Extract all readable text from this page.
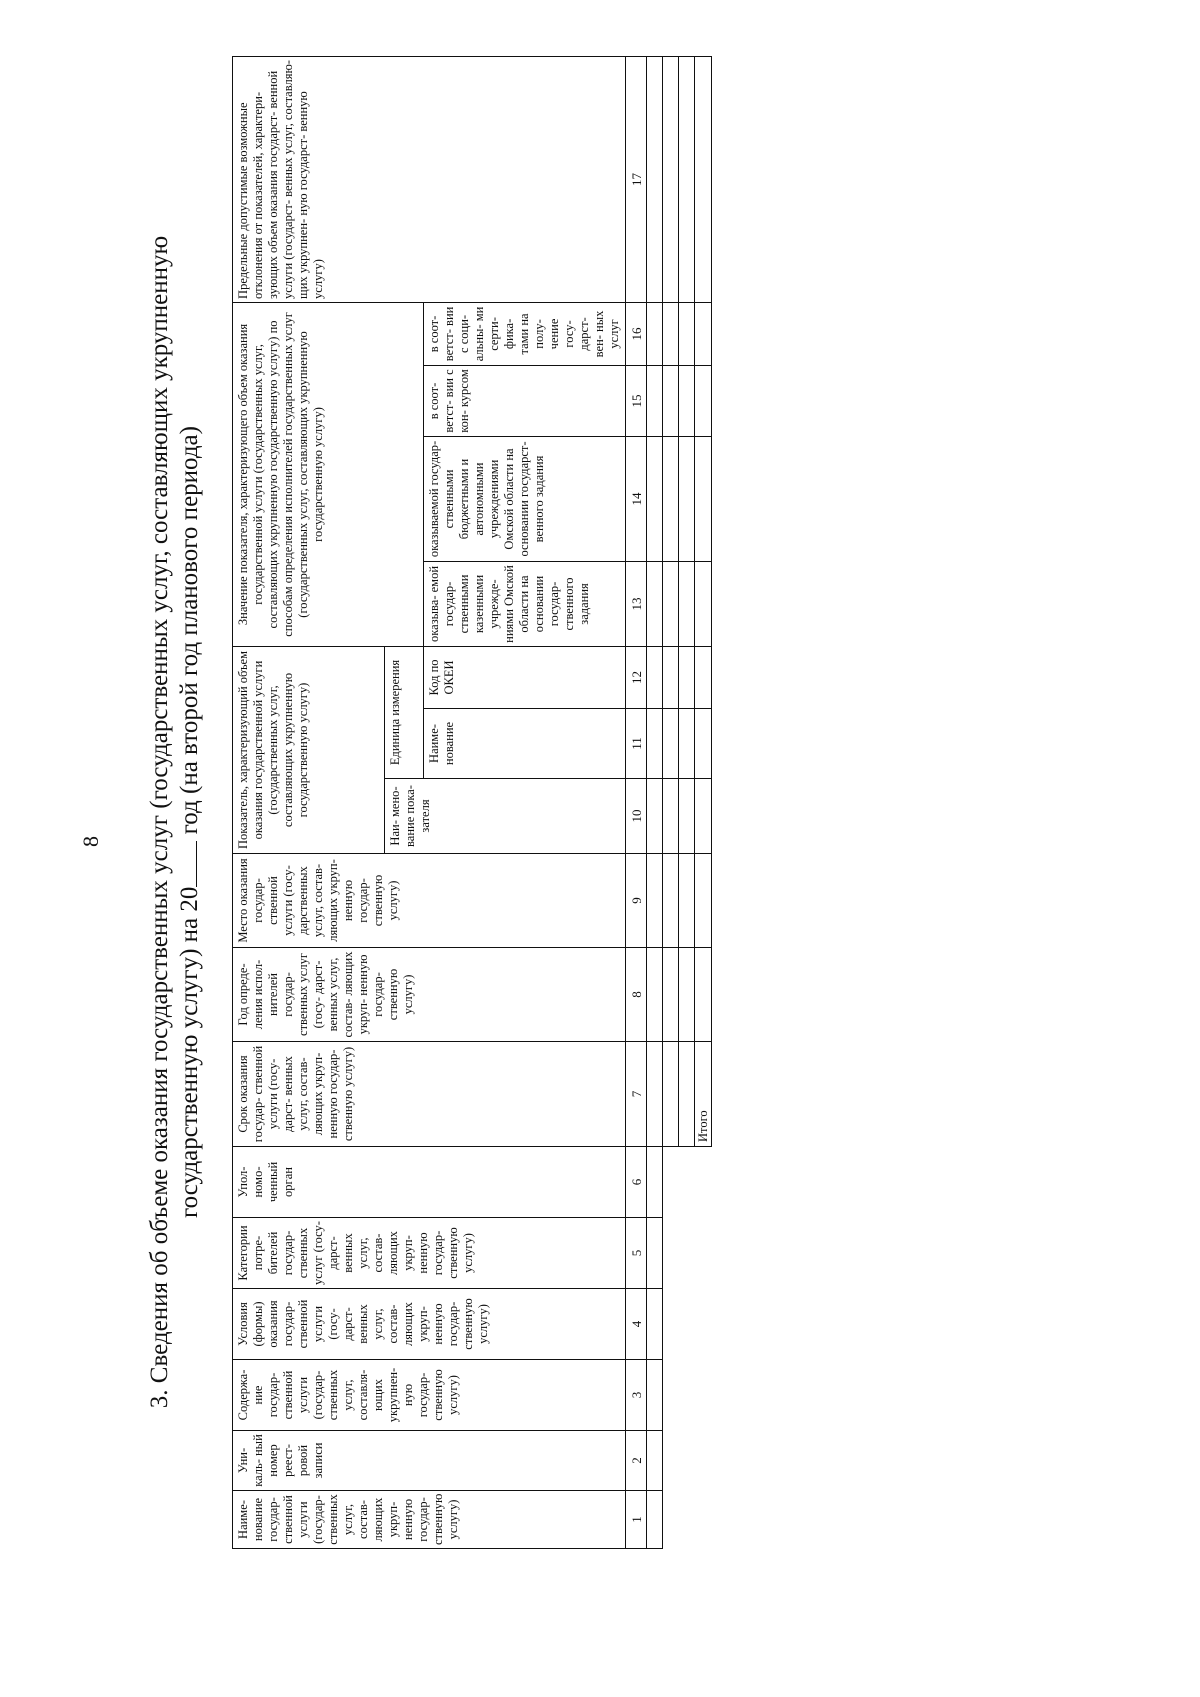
8 3. Сведения об объеме оказания государственных услуг (государственных услуг, составляющих укрупненную государственную услугу) на 20 год (на второй год планового периода)
Наиме- нование государ- ственной услуги (государ- ственных услуг, состав- ляющих укруп- ненную государ- ственную услугу)	Уни- каль- ный номер реест- ровой записи	Содержа- ние государ- ственной услуги (государ- ственных услуг, составля- ющих укрупнен- ную государ- ственную услугу)	Условия (формы) оказания государ- ственной услуги (госу- дарст- венных услуг, состав- ляющих укруп- ненную государ- ственную услугу)	Категории потре- бителей государ- ственных услуг (госу- дарст- венных услуг, состав- ляющих укруп- ненную государ- ственную услугу)	Упол- номо- ченный орган	Срок оказания государ- ственной услуги (госу- дарст- венных услуг, состав- ляющих укруп- ненную государ- ственную услугу)	Год опреде- ления испол- нителей государ- ственных услуг (госу- дарст- венных услуг, состав- ляющих укруп- ненную государ- ственную услугу)	Место оказания государ- ственной услуги (госу- дарственных услуг, состав- ляющих укруп- ненную государ- ственную услугу)	Показатель, характеризующий объем оказания государственной услуги (государственных услуг, составляющих укрупненную государственную услугу)			Значение показателя, характеризующего объем оказания государственной услуги (государственных услуг, составляющих укрупненную государственную услугу) по способам определения исполнителей государственных услуг (государственных услуг, составляющих укрупненную государственную услугу)				Предельные допустимые возможные отклонения от показателей, характери- зующих объем оказания государст- венной услуги (государст- венных услуг, составляю- щих укрупнен- ную государст- венную услугу)
									Наи- мено- вание пока- зателя	Единица измерения						
										Наиме- нование	Код по ОКЕИ	оказыва- емой государ- ственными казенными учрежде- ниями Омской области на основании государ- ственного задания	оказываемой государ- ственными бюджетными и автономными учреждениями Омской области на основании государст- венного задания	в соот- ветст- вии с кон- курсом	в соот- ветст- вии с соци- альны- ми серти- фика- тами на полу- чение госу- дарст- вен- ных услуг	
1	2	3	4	5	6	7	8	9	10	11	12	13	14	15	16	17

						Итого										
